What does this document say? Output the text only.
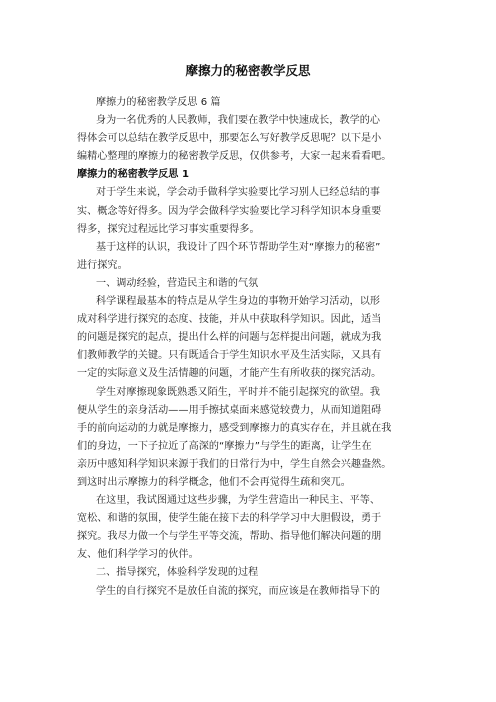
摩擦力的秘密教学反思
摩擦力的秘密教学反思 6 篇
身为一名优秀的人民教师，我们要在教学中快速成长，教学的心
得体会可以总结在教学反思中，那要怎么写好教学反思呢？以下是小
编精心整理的摩擦力的秘密教学反思，仅供参考，大家一起来看看吧。
摩擦力的秘密教学反思 1
对于学生来说，学会动手做科学实验要比学习别人已经总结的事
实、概念等好得多。因为学会做科学实验要比学习科学知识本身重要
得多，探究过程远比学习事实重要得多。
基于这样的认识，我设计了四个环节帮助学生对“摩擦力的秘密”
进行探究。
一、调动经验，营造民主和谐的气氛
科学课程最基本的特点是从学生身边的事物开始学习活动，以形
成对科学进行探究的态度、技能，并从中获取科学知识。因此，适当
的问题是探究的起点，提出什么样的问题与怎样提出问题，就成为我
们教师教学的关键。只有既适合于学生知识水平及生活实际，又具有
一定的实际意义及生活情趣的问题，才能产生有所收获的探究活动。
学生对摩擦现象既熟悉又陌生，平时并不能引起探究的欲望。我
便从学生的亲身活动——用手擦拭桌面来感觉较费力，从而知道阻碍
手的前向运动的力就是摩擦力，感受到摩擦力的真实存在，并且就在我
们的身边，一下子拉近了高深的“摩擦力”与学生的距离，让学生在
亲历中感知科学知识来源于我们的日常行为中，学生自然会兴趣盎然。
到这时出示摩擦力的科学概念，他们不会再觉得生疏和突兀。
在这里，我试图通过这些步骤，为学生营造出一种民主、平等、
宽松、和谐的氛围，使学生能在接下去的科学学习中大胆假设，勇于
探究。我尽力做一个与学生平等交流，帮助、指导他们解决问题的朋
友、他们科学学习的伙伴。
二、指导探究，体验科学发现的过程
学生的自行探究不是放任自流的探究，而应该是在教师指导下的
